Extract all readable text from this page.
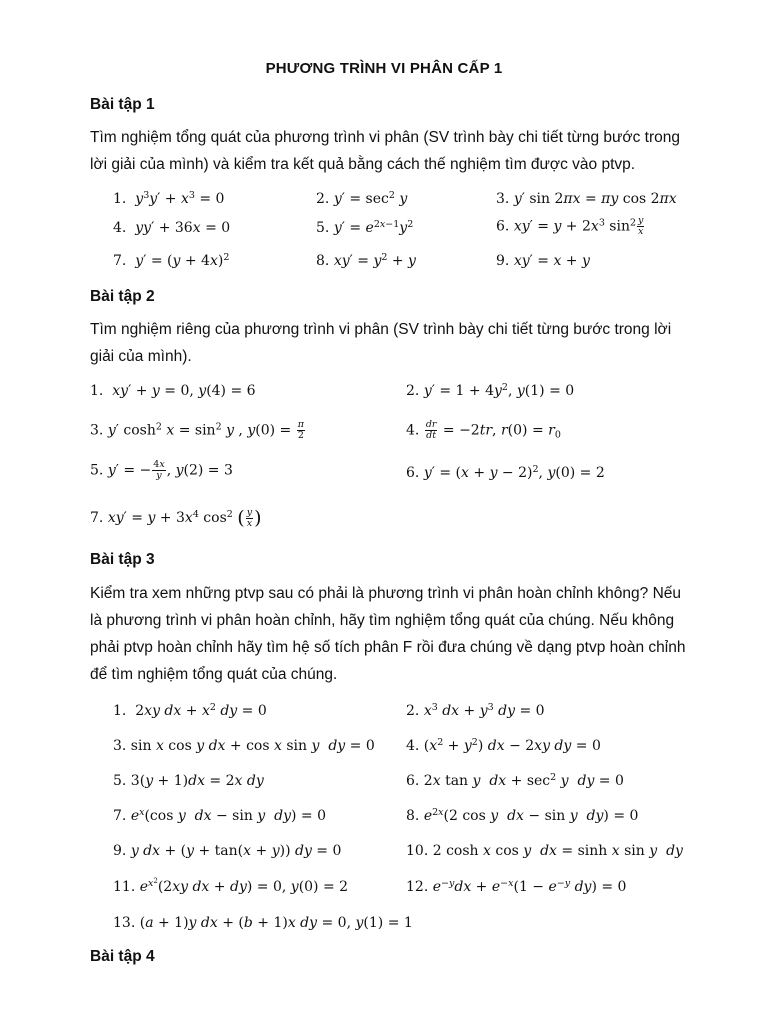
PHƯƠNG TRÌNH VI PHÂN CẤP 1
Bài tập 1
Tìm nghiệm tổng quát của phương trình vi phân (SV trình bày chi tiết từng bước trong lời giải của mình) và kiểm tra kết quả bằng cách thế nghiệm tìm được vào ptvp.
1. $y^3y' + x^3 = 0$	2. $y' = \sec^2 y$	3. y′ sin 2πx = πy cos 2πx
4. yy′ + 36x = 0	5. $y' = e^{2x-1}y^2$	6. $xy' = y + 2x^3$ $\sin^2 \frac{y}{x}$
7. $y' = (y + 4x)^2$	8. $xy' = y^2 + y$	9. xy′ = x + y
Bài tập 2
Tìm nghiệm riêng của phương trình vi phân (SV trình bày chi tiết từng bước trong lời giải của mình).
1. xy′ + y = 0, y(4) = 6	2. $y' = 1 + 4y^2$, y(1) = 0
3. y′ $\cosh^2 x = \sin^2 y$ , $y(0) = \frac{\pi}{2}$	4. $\frac{dr}{dt} = -2tr$, $r(0) = r_0$
5. y′ = − $\frac{4x}{y}$ , y(2) = 3	6. $y' = (x + y - 2)^2$, y(0) = 2
7. $xy' = y + 3x^4$ $\cos^2$ ( $\frac{y}{x}$ )
Bài tập 3
Kiểm tra xem những ptvp sau có phải là phương trình vi phân hoàn chỉnh không? Nếu là phương trình vi phân hoàn chỉnh, hãy tìm nghiệm tổng quát của chúng. Nếu không phải ptvp hoàn chỉnh hãy tìm hệ số tích phân F rồi đưa chúng về dạng ptvp hoàn chỉnh để tìm nghiệm tổng quát của chúng.
1.  2xy dx + $x^2$ dy = 0	2. $x^3$ dx + $y^3$ dy = 0
3. sin x cos y dx + cos x sin y dy = 0 4. $(x^2 + y^2)$ dx − 2xy dy = 0
5. 3(y + 1)dx = 2x dy	6. 2x tan y dx + $\sec^2 y$ dy = 0
7. $e^x(\cos$ y dx − sin y dy) = 0	8. $e^{2x}(2$ cos y dx − sin y dy) = 0
9. y dx + (y + tan(x + y)) dy = 0	10. 2 cosh x cos y dx = sinh x sin y dy
11. $e^{x^2}(2xy$ dx + dy) = 0, y(0) = 2	12. $e^{-y}dx + e^{-x}(1 - e^{-y}$ dy) = 0
13. (a + 1)y dx + (b + 1)x dy = 0, y(1) = 1
Bài tập 4
